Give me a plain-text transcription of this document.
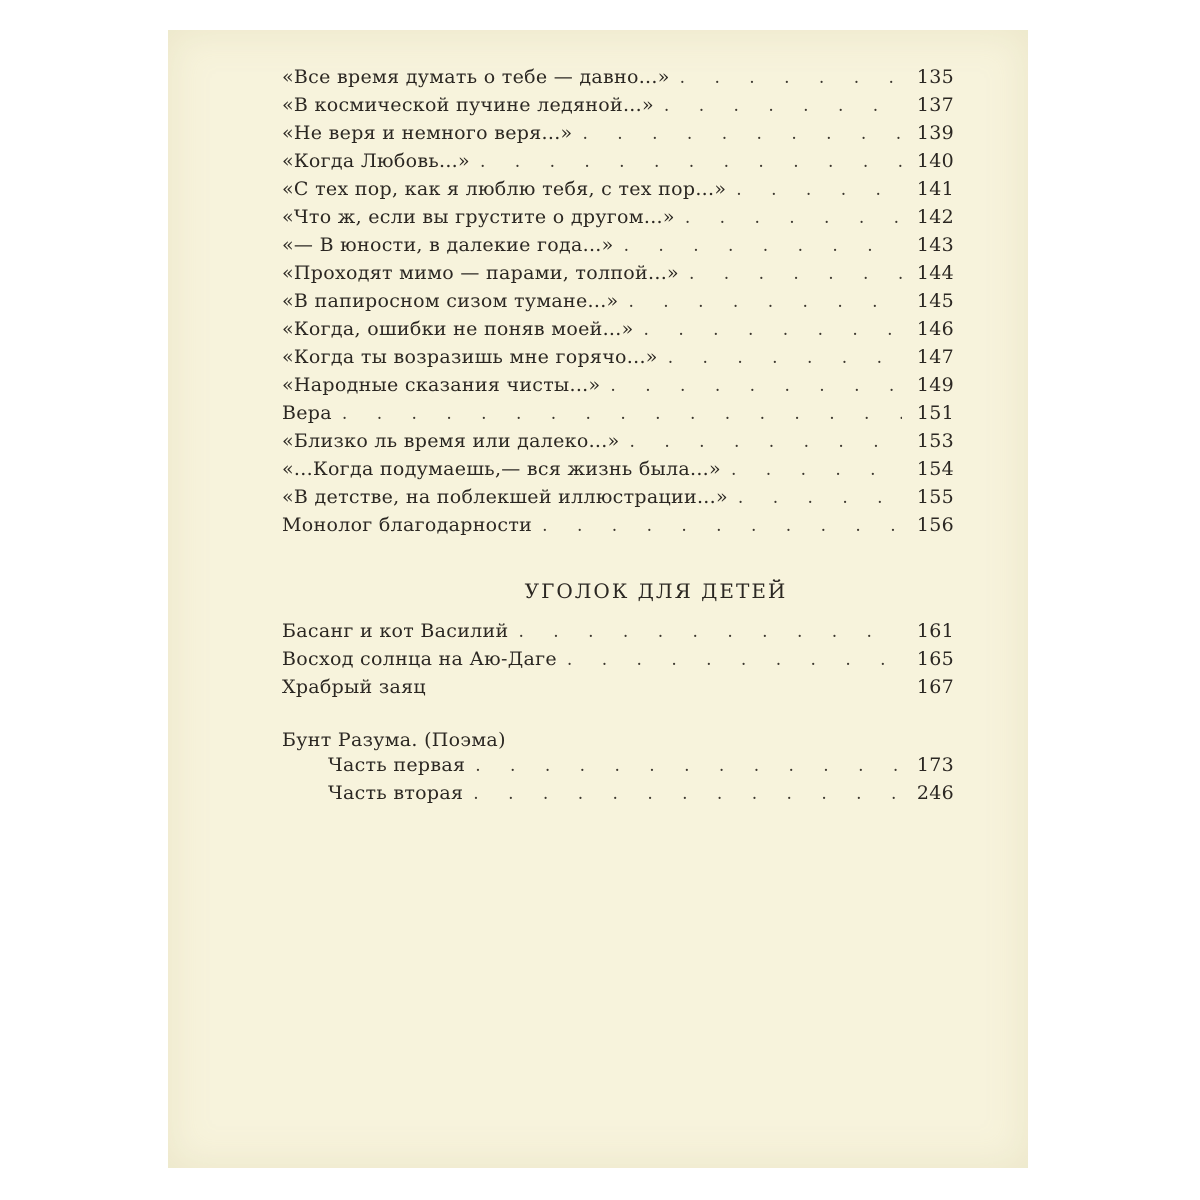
«Все время думать о тебе — давно...» . . .	135
«В космической пучине ледяной...» . . .	137
«Не веря и немного веря...» . . .	139
«Когда Любовь...» . . .	140
«С тех пор, как я люблю тебя, с тех пор...» . . .	141
«Что ж, если вы грустите о другом...» . . .	142
«— В юности, в далекие года...» . . .	143
«Проходят мимо — парами, толпой...» . . .	144
«В папиросном сизом тумане...» . . .	145
«Когда, ошибки не поняв моей...» . . .	146
«Когда ты возразишь мне горячо...» . . .	147
«Народные сказания чисты...» . . .	149
Вера . . .	151
«Близко ль время или далеко...» . . .	153
«...Когда подумаешь,— вся жизнь была...» . . .	154
«В детстве, на поблекшей иллюстрации...» . . .	155
Монолог благодарности . . .	156
УГОЛОК ДЛЯ ДЕТЕЙ
Басанг и кот Василий . . .	161
Восход солнца на Аю-Даге . . .	165
Храбрый заяц	167
Бунт Разума. (Поэма)
Часть первая . . .	173
Часть вторая . . .	246
